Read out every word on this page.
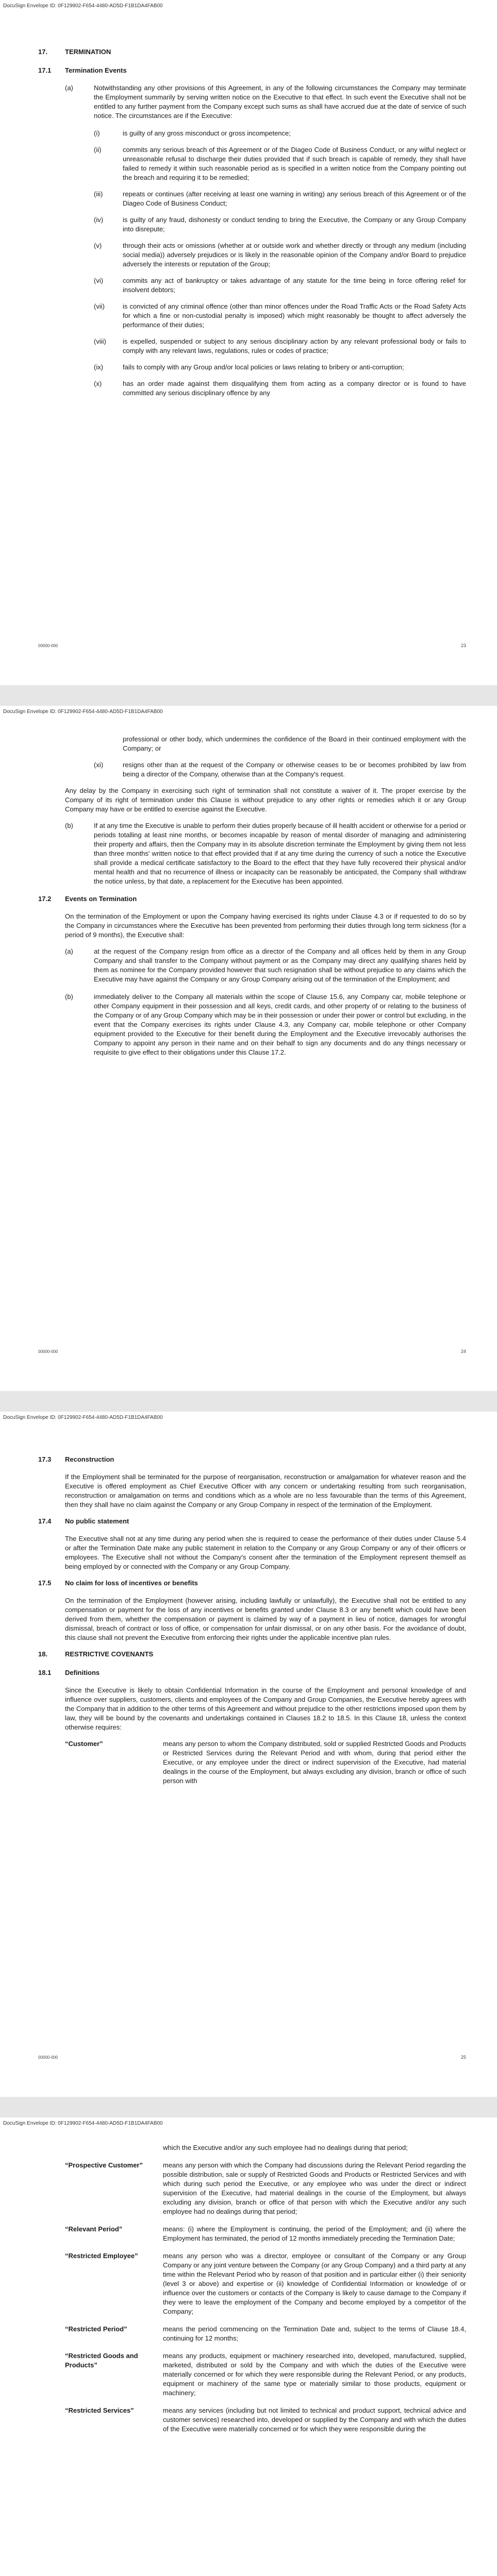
DocuSign Envelope ID: 0F129902-F654-4480-AD5D-F1B1DA4FAB00
17.	TERMINATION
17.1	Termination Events
(a)	Notwithstanding any other provisions of this Agreement, in any of the following circumstances the Company may terminate the Employment summarily by serving written notice on the Executive to that effect. In such event the Executive shall not be entitled to any further payment from the Company except such sums as shall have accrued due at the date of service of such notice. The circumstances are if the Executive:
(i)	is guilty of any gross misconduct or gross incompetence;
(ii)	commits any serious breach of this Agreement or of the Diageo Code of Business Conduct, or any wilful neglect or unreasonable refusal to discharge their duties provided that if such breach is capable of remedy, they shall have failed to remedy it within such reasonable period as is specified in a written notice from the Company pointing out the breach and requiring it to be remedied;
(iii)	repeats or continues (after receiving at least one warning in writing) any serious breach of this Agreement or of the Diageo Code of Business Conduct;
(iv)	is guilty of any fraud, dishonesty or conduct tending to bring the Executive, the Company or any Group Company into disrepute;
(v)	through their acts or omissions (whether at or outside work and whether directly or through any medium (including social media)) adversely prejudices or is likely in the reasonable opinion of the Company and/or Board to prejudice adversely the interests or reputation of the Group;
(vi)	commits any act of bankruptcy or takes advantage of any statute for the time being in force offering relief for insolvent debtors;
(vii)	is convicted of any criminal offence (other than minor offences under the Road Traffic Acts or the Road Safety Acts for which a fine or non-custodial penalty is imposed) which might reasonably be thought to affect adversely the performance of their duties;
(viii)	is expelled, suspended or subject to any serious disciplinary action by any relevant professional body or fails to comply with any relevant laws, regulations, rules or codes of practice;
(ix)	fails to comply with any Group and/or local policies or laws relating to bribery or anti-corruption;
(x)	has an order made against them disqualifying them from acting as a company director or is found to have committed any serious disciplinary offence by any
00000-000	23
DocuSign Envelope ID: 0F129902-F654-4480-AD5D-F1B1DA4FAB00
professional or other body, which undermines the confidence of the Board in their continued employment with the Company; or
(xi)	resigns other than at the request of the Company or otherwise ceases to be or becomes prohibited by law from being a director of the Company, otherwise than at the Company's request.
Any delay by the Company in exercising such right of termination shall not constitute a waiver of it. The proper exercise by the Company of its right of termination under this Clause is without prejudice to any other rights or remedies which it or any Group Company may have or be entitled to exercise against the Executive.
(b)	If at any time the Executive is unable to perform their duties properly because of ill health accident or otherwise for a period or periods totalling at least nine months, or becomes incapable by reason of mental disorder of managing and administering their property and affairs, then the Company may in its absolute discretion terminate the Employment by giving them not less than three months' written notice to that effect provided that if at any time during the currency of such a notice the Executive shall provide a medical certificate satisfactory to the Board to the effect that they have fully recovered their physical and/or mental health and that no recurrence of illness or incapacity can be reasonably be anticipated, the Company shall withdraw the notice unless, by that date, a replacement for the Executive has been appointed.
17.2	Events on Termination
On the termination of the Employment or upon the Company having exercised its rights under Clause 4.3 or if requested to do so by the Company in circumstances where the Executive has been prevented from performing their duties through long term sickness (for a period of 9 months), the Executive shall:
(a)	at the request of the Company resign from office as a director of the Company and all offices held by them in any Group Company and shall transfer to the Company without payment or as the Company may direct any qualifying shares held by them as nominee for the Company provided however that such resignation shall be without prejudice to any claims which the Executive may have against the Company or any Group Company arising out of the termination of the Employment; and
(b)	immediately deliver to the Company all materials within the scope of Clause 15.6, any Company car, mobile telephone or other Company equipment in their possession and all keys, credit cards, and other property of or relating to the business of the Company or of any Group Company which may be in their possession or under their power or control but excluding, in the event that the Company exercises its rights under Clause 4.3, any Company car, mobile telephone or other Company equipment provided to the Executive for their benefit during the Employment and the Executive irrevocably authorises the Company to appoint any person in their name and on their behalf to sign any documents and do any things necessary or requisite to give effect to their obligations under this Clause 17.2.
00000-000	24
DocuSign Envelope ID: 0F129902-F654-4480-AD5D-F1B1DA4FAB00
17.3	Reconstruction
If the Employment shall be terminated for the purpose of reorganisation, reconstruction or amalgamation for whatever reason and the Executive is offered employment as Chief Executive Officer with any concern or undertaking resulting from such reorganisation, reconstruction or amalgamation on terms and conditions which as a whole are no less favourable than the terms of this Agreement, then they shall have no claim against the Company or any Group Company in respect of the termination of the Employment.
17.4	No public statement
The Executive shall not at any time during any period when she is required to cease the performance of their duties under Clause 5.4 or after the Termination Date make any public statement in relation to the Company or any Group Company or any of their officers or employees. The Executive shall not without the Company's consent after the termination of the Employment represent themself as being employed by or connected with the Company or any Group Company.
17.5	No claim for loss of incentives or benefits
On the termination of the Employment (however arising, including lawfully or unlawfully), the Executive shall not be entitled to any compensation or payment for the loss of any incentives or benefits granted under Clause 8.3 or any benefit which could have been derived from them, whether the compensation or payment is claimed by way of a payment in lieu of notice, damages for wrongful dismissal, breach of contract or loss of office, or compensation for unfair dismissal, or on any other basis. For the avoidance of doubt, this clause shall not prevent the Executive from enforcing their rights under the applicable incentive plan rules.
18.	RESTRICTIVE COVENANTS
18.1	Definitions
Since the Executive is likely to obtain Confidential Information in the course of the Employment and personal knowledge of and influence over suppliers, customers, clients and employees of the Company and Group Companies, the Executive hereby agrees with the Company that in addition to the other terms of this Agreement and without prejudice to the other restrictions imposed upon them by law, they will be bound by the covenants and undertakings contained in Clauses 18.2 to 18.5. In this Clause 18, unless the context otherwise requires:
“Customer”	means any person to whom the Company distributed, sold or supplied Restricted Goods and Products or Restricted Services during the Relevant Period and with whom, during that period either the Executive, or any employee under the direct or indirect supervision of the Executive, had material dealings in the course of the Employment, but always excluding any division, branch or office of such person with
00000-000	25
DocuSign Envelope ID: 0F129902-F654-4480-AD5D-F1B1DA4FAB00
which the Executive and/or any such employee had no dealings during that period;
“Prospective Customer”	means any person with which the Company had discussions during the Relevant Period regarding the possible distribution, sale or supply of Restricted Goods and Products or Restricted Services and with which during such period the Executive, or any employee who was under the direct or indirect supervision of the Executive, had material dealings in the course of the Employment, but always excluding any division, branch or office of that person with which the Executive and/or any such employee had no dealings during that period;
“Relevant Period”	means: (i) where the Employment is continuing, the period of the Employment; and (ii) where the Employment has terminated, the period of 12 months immediately preceding the Termination Date;
“Restricted Employee”	means any person who was a director, employee or consultant of the Company or any Group Company or any joint venture between the Company (or any Group Company) and a third party at any time within the Relevant Period who by reason of that position and in particular either (i) their seniority (level 3 or above) and expertise or (ii) knowledge of Confidential Information or knowledge of or influence over the customers or contacts of the Company is likely to cause damage to the Company if they were to leave the employment of the Company and become employed by a competitor of the Company;
“Restricted Period”	means the period commencing on the Termination Date and, subject to the terms of Clause 18.4, continuing for 12 months;
“Restricted Goods and Products”
means any products, equipment or machinery researched into, developed, manufactured, supplied, marketed, distributed or sold by the Company and with which the duties of the Executive were materially concerned or for which they were responsible during the Relevant Period, or any products, equipment or machinery of the same type or materially similar to those products, equipment or machinery;
“Restricted Services”	means any services (including but not limited to technical and product support, technical advice and customer services) researched into, developed or supplied by the Company and with which the duties of the Executive were materially concerned or for which they were responsible during the
